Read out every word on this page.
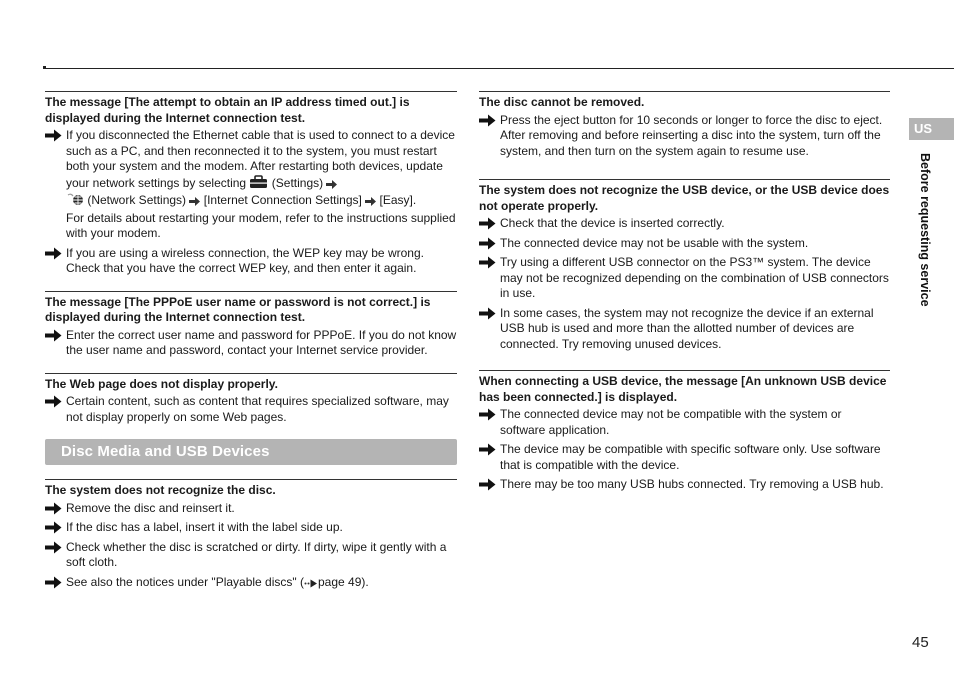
The message [The attempt to obtain an IP address timed out.] is displayed during the Internet connection test.
If you disconnected the Ethernet cable that is used to connect to a device such as a PC, and then reconnected it to the system, you must restart both your system and the modem. After restarting both devices, update your network settings by selecting  (Settings)
(Network Settings) [Internet Connection Settings] [Easy].
For details about restarting your modem, refer to the instructions supplied with your modem.
If you are using a wireless connection, the WEP key may be wrong. Check that you have the correct WEP key, and then enter it again.
The message [The PPPoE user name or password is not correct.] is displayed during the Internet connection test.
Enter the correct user name and password for PPPoE. If you do not know the user name and password, contact your Internet service provider.
The Web page does not display properly.
Certain content, such as content that requires specialized software, may not display properly on some Web pages.
Disc Media and USB Devices
The system does not recognize the disc.
Remove the disc and reinsert it.
If the disc has a label, insert it with the label side up.
Check whether the disc is scratched or dirty. If dirty, wipe it gently with a soft cloth.
See also the notices under "Playable discs" ( page 49).
The disc cannot be removed.
Press the eject button for 10 seconds or longer to force the disc to eject. After removing and before reinserting a disc into the system, turn off the system, and then turn on the system again to resume use.
The system does not recognize the USB device, or the USB device does not operate properly.
Check that the device is inserted correctly.
The connected device may not be usable with the system.
Try using a different USB connector on the PS3™ system. The device may not be recognized depending on the combination of USB connectors in use.
In some cases, the system may not recognize the device if an external USB hub is used and more than the allotted number of devices are connected. Try removing unused devices.
When connecting a USB device, the message [An unknown USB device has been connected.] is displayed.
The connected device may not be compatible with the system or software application.
The device may be compatible with specific software only. Use software that is compatible with the device.
There may be too many USB hubs connected. Try removing a USB hub.
US
Before requesting service
45
